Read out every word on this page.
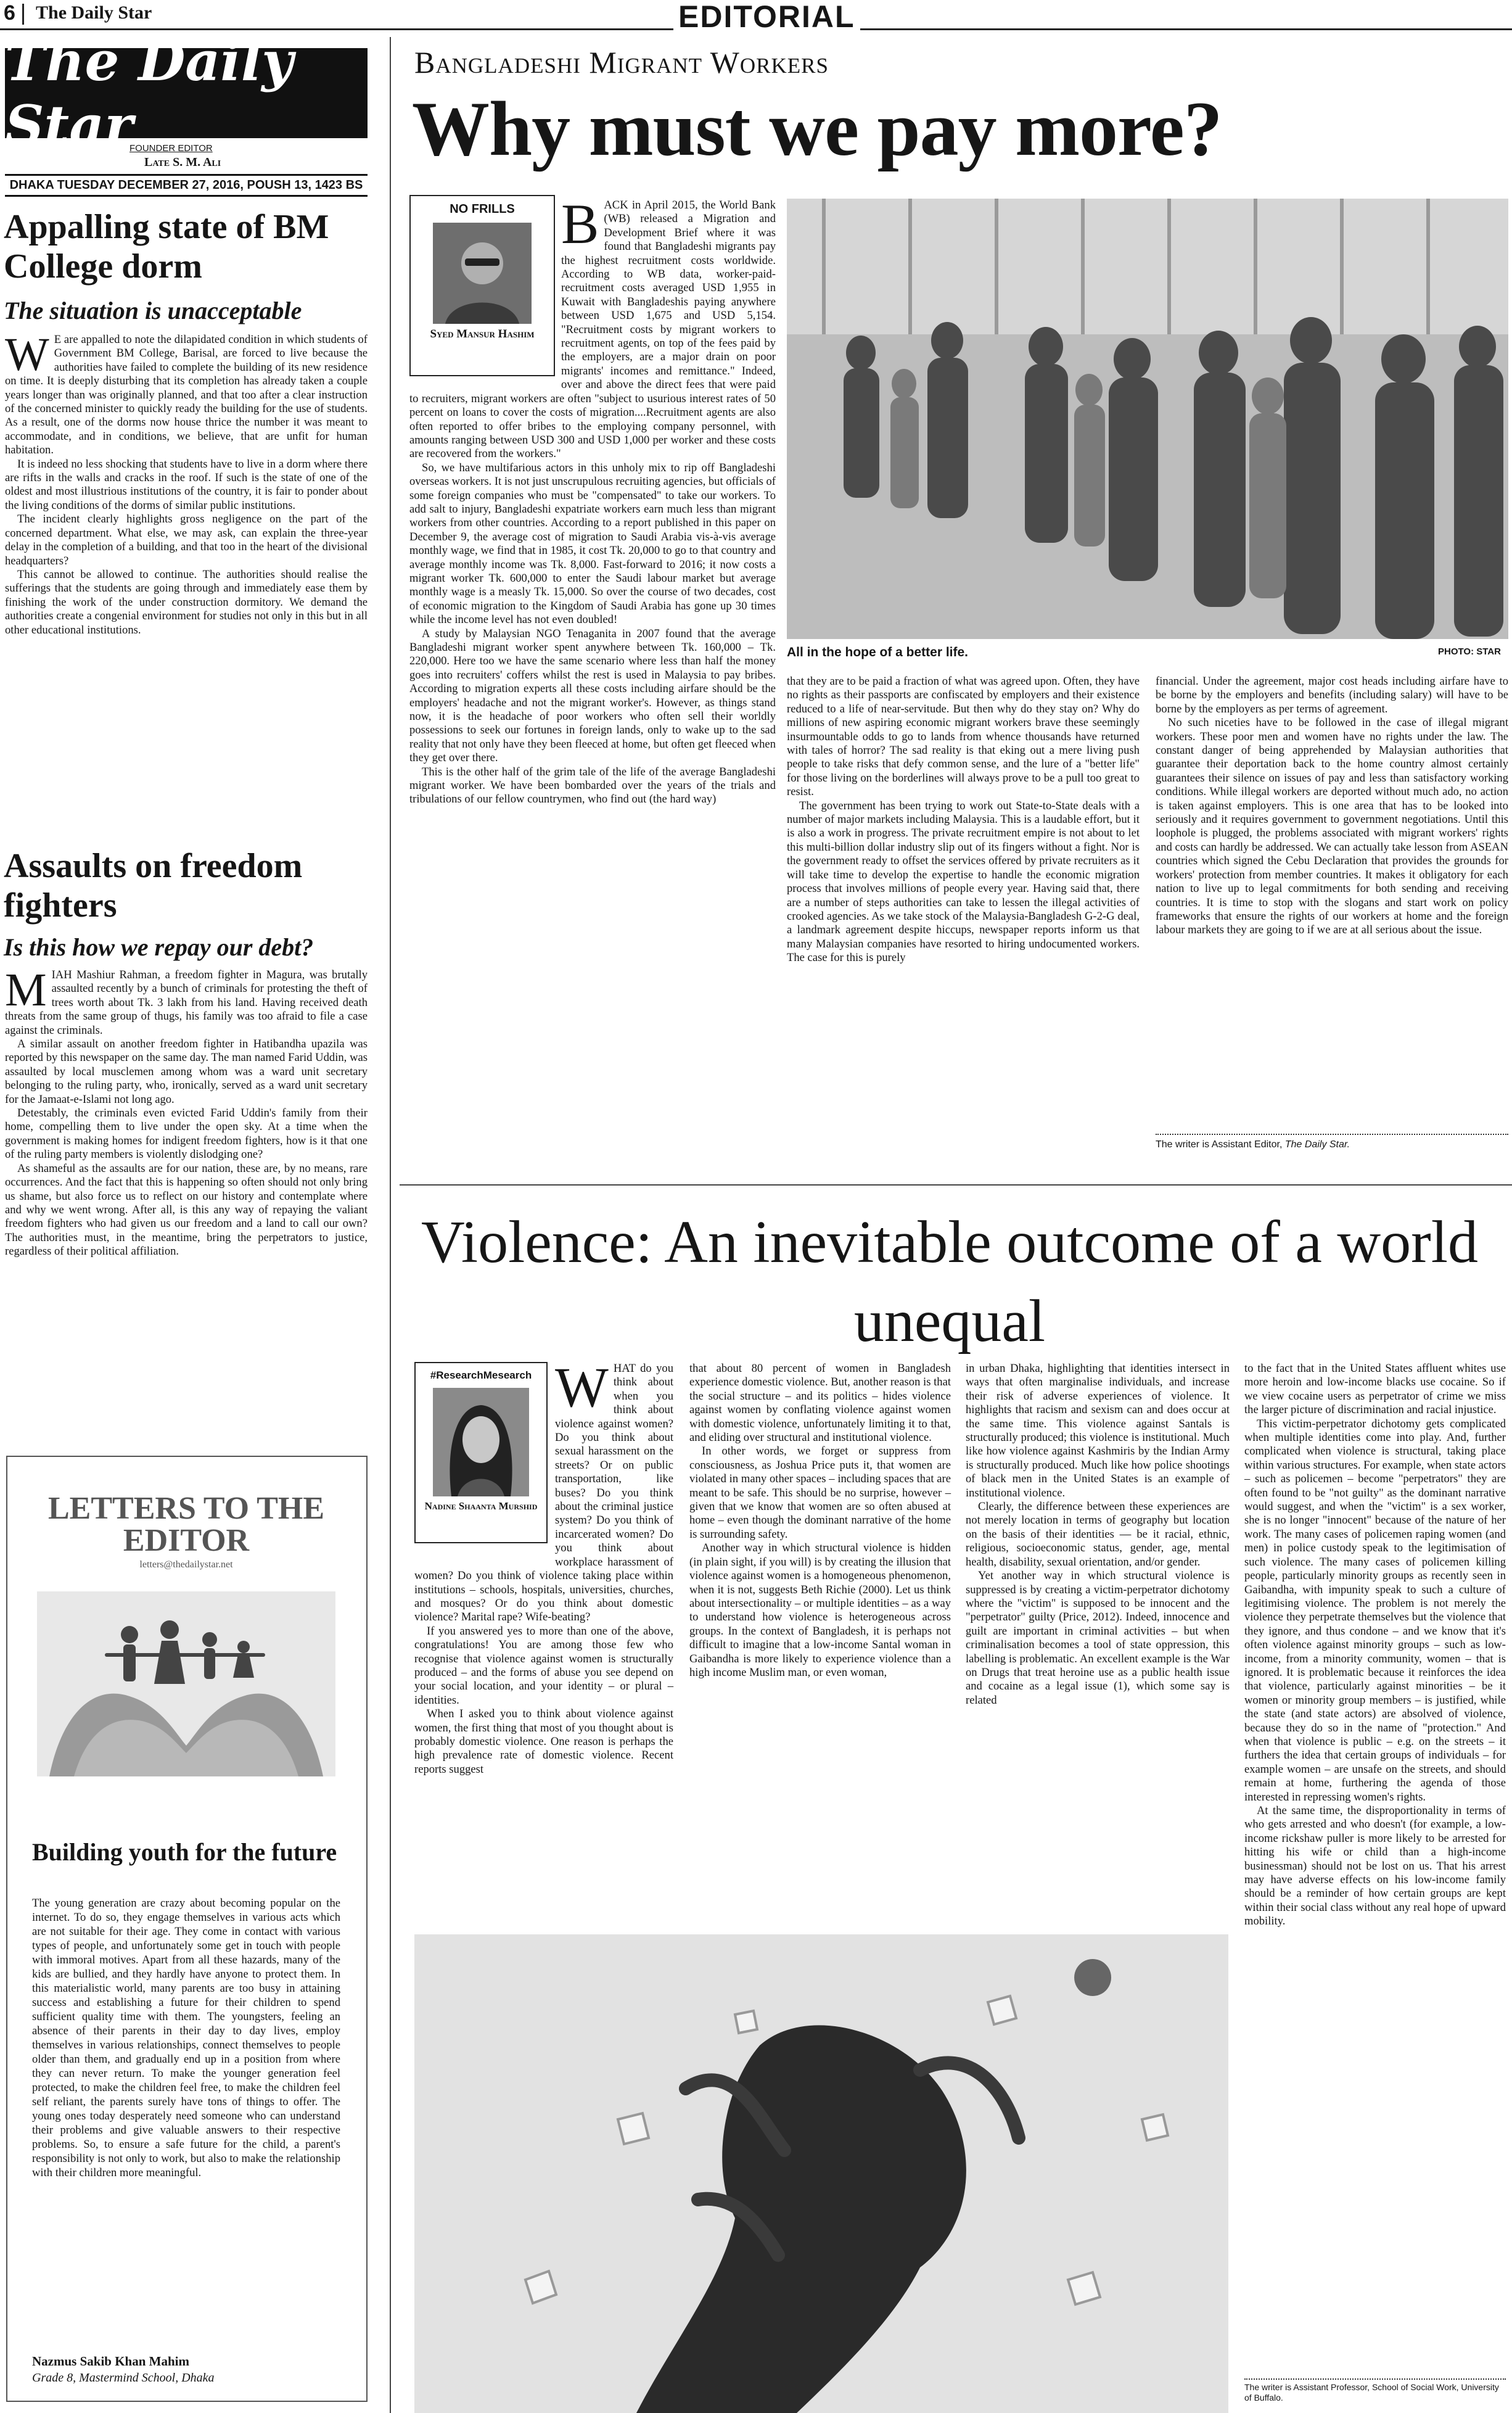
6 The Daily Star	EDITORIAL
The Daily Star
FOUNDER EDITOR
Late S. M. Ali
DHAKA TUESDAY DECEMBER 27, 2016, POUSH 13, 1423 BS
Appalling state of BM College dorm
The situation is unacceptable

W E are appalled to note the dilapidated condition in which students of Government BM College, Barisal, are forced to live because the authorities have failed to complete the building of its new residence on time. It is deeply disturbing that its completion has already taken a couple years longer than was originally planned, and that too after a clear instruction of the concerned minister to quickly ready the building for the use of students. As a result, one of the dorms now house thrice the number it was meant to accommodate, and in conditions, we believe, that are unfit for human habitation.

It is indeed no less shocking that students have to live in a dorm where there are rifts in the walls and cracks in the roof. If such is the state of one of the oldest and most illustrious institutions of the country, it is fair to ponder about the living conditions of the dorms of similar public institutions.

The incident clearly highlights gross negligence on the part of the concerned department. What else, we may ask, can explain the three-year delay in the completion of a building, and that too in the heart of the divisional headquarters?

This cannot be allowed to continue. The authorities should realise the sufferings that the students are going through and immediately ease them by finishing the work of the under construction dormitory. We demand the authorities create a congenial environment for studies not only in this but in all other educational institutions.

Assaults on freedom fighters
Is this how we repay our debt?

MIAH Mashiur Rahman, a freedom fighter in Magura, was brutally assaulted recently by a bunch of criminals for protesting the theft of trees worth about Tk. 3 lakh from his land. Having received death threats from the same group of thugs, his family was too afraid to file a case against the criminals.

A similar assault on another freedom fighter in Hatibandha upazila was reported by this newspaper on the same day. The man named Farid Uddin, was assaulted by local musclemen among whom was a ward unit secretary belonging to the ruling party, who, ironically, served as a ward unit secretary for the Jamaat-e-Islami not long ago.

Detestably, the criminals even evicted Farid Uddin's family from their home, compelling them to live under the open sky. At a time when the government is making homes for indigent freedom fighters, how is it that one of the ruling party members is violently dislodging one?

As shameful as the assaults are for our nation, these are, by no means, rare occurrences. And the fact that this is happening so often should not only bring us shame, but also force us to reflect on our history and contemplate where and why we went wrong. After all, is this any way of repaying the valiant freedom fighters who had given us our freedom and a land to call our own? The authorities must, in the meantime, bring the perpetrators to justice, regardless of their political affiliation.

LETTERS TO THE EDITOR
letters@thedailystar.net
Building youth for the future
The young generation are crazy about becoming popular on the internet. To do so, they engage themselves in various acts which are not suitable for their age. They come in contact with various types of people, and unfortunately some get in touch with people with immoral motives. Apart from all these hazards, many of the kids are bullied, and they hardly have anyone to protect them. In this materialistic world, many parents are too busy in attaining success and establishing a future for their children to spend sufficient quality time with them. The youngsters, feeling an absence of their parents in their day to day lives, employ themselves in various relationships, connect themselves to people older than them, and gradually end up in a position from where they can never return. To make the younger generation feel protected, to make the children feel free, to make the children feel self reliant, the parents surely have tons of things to offer. The young ones today desperately need someone who can understand their problems and give valuable answers to their respective problems. So, to ensure a safe future for the child, a parent's responsibility is not only to work, but also to make the relationship with their children more meaningful.
Nazmus Sakib Khan Mahim
Grade 8, Mastermind School, Dhaka
Bangladeshi Migrant Workers
Why must we pay more?
NO FRILLS
Syed Mansur Hashim

BACK in April 2015, the World Bank (WB) released a Migration and Development Brief where it was found that Bangladeshi migrants pay the highest recruitment costs worldwide. According to WB data, worker-paid-recruitment costs averaged USD 1,955 in Kuwait with Bangladeshis paying anywhere between USD 1,675 and USD 5,154. "Recruitment costs by migrant workers to recruitment agents, on top of the fees paid by the employers, are a major drain on poor migrants' incomes and remittance." Indeed, over and above the direct fees that were paid to recruiters, migrant workers are often "subject to usurious interest rates of 50 percent on loans to cover the costs of migration....Recruitment agents are also often reported to offer bribes to the employing company personnel, with amounts ranging between USD 300 and USD 1,000 per worker and these costs are recovered from the workers."

So, we have multifarious actors in this unholy mix to rip off Bangladeshi overseas workers. It is not just unscrupulous recruiting agencies, but officials of some foreign companies who must be "compensated" to take our workers. To add salt to injury, Bangladeshi expatriate workers earn much less than migrant workers from other countries. According to a report published in this paper on December 9, the average cost of migration to Saudi Arabia vis-à-vis average monthly wage, we find that in 1985, it cost Tk. 20,000 to go to that country and average monthly income was Tk. 8,000. Fast-forward to 2016; it now costs a migrant worker Tk. 600,000 to enter the Saudi labour market but average monthly wage is a measly Tk. 15,000. So over the course of two decades, cost of economic migration to the Kingdom of Saudi Arabia has gone up 30 times while the income level has not even doubled!

A study by Malaysian NGO Tenaganita in 2007 found that the average Bangladeshi migrant worker spent anywhere between Tk. 160,000 – Tk. 220,000. Here too we have the same scenario where less than half the money goes into recruiters' coffers whilst the rest is used in Malaysia to pay bribes. According to migration experts all these costs including airfare should be the employers' headache and not the migrant worker's. However, as things stand now, it is the headache of poor workers who often sell their worldly possessions to seek our fortunes in foreign lands, only to wake up to the sad reality that not only have they been fleeced at home, but often get fleeced when they get over there.

This is the other half of the grim tale of the life of the average Bangladeshi migrant worker. We have been bombarded over the years of the trials and tribulations of our fellow countrymen, who find out (the hard way)

All in the hope of a better life.	PHOTO: STAR

that they are to be paid a fraction of what was agreed upon. Often, they have no rights as their passports are confiscated by employers and their existence reduced to a life of near-servitude. But then why do they stay on? Why do millions of new aspiring economic migrant workers brave these seemingly insurmountable odds to go to lands from whence thousands have returned with tales of horror? The sad reality is that eking out a mere living push people to take risks that defy common sense, and the lure of a "better life" for those living on the borderlines will always prove to be a pull too great to resist.

The government has been trying to work out State-to-State deals with a number of major markets including Malaysia. This is a laudable effort, but it is also a work in progress. The private recruitment empire is not about to let this multi-billion dollar industry slip out of its fingers without a fight. Nor is the government ready to offset the services offered by private recruiters as it will take time to develop the expertise to handle the economic migration process that involves millions of people every year. Having said that, there are a number of steps authorities can take to lessen the illegal activities of crooked agencies. As we take stock of the Malaysia-Bangladesh G-2-G deal, a landmark agreement despite hiccups, newspaper reports inform us that many Malaysian companies have resorted to hiring undocumented workers. The case for this is purely

financial. Under the agreement, major cost heads including airfare have to be borne by the employers and benefits (including salary) will have to be borne by the employers as per terms of agreement.

No such niceties have to be followed in the case of illegal migrant workers. These poor men and women have no rights under the law. The constant danger of being apprehended by Malaysian authorities that guarantee their deportation back to the home country almost certainly guarantees their silence on issues of pay and less than satisfactory working conditions. While illegal workers are deported without much ado, no action is taken against employers. This is one area that has to be looked into seriously and it requires government to government negotiations. Until this loophole is plugged, the problems associated with migrant workers' rights and costs can hardly be addressed. We can actually take lesson from ASEAN countries which signed the Cebu Declaration that provides the grounds for workers' protection from member countries. It makes it obligatory for each nation to live up to legal commitments for both sending and receiving countries. It is time to stop with the slogans and start work on policy frameworks that ensure the rights of our workers at home and the foreign labour markets they are going to if we are at all serious about the issue.

The writer is Assistant Editor, The Daily Star.
Violence: An inevitable outcome of a world unequal
#ResearchMesearch
Nadine Shaanta Murshid

WHAT do you think about when you think about violence against women? Do you think about sexual harassment on the streets? Or on public transportation, like buses? Do you think about the criminal justice system? Do you think of incarcerated women? Do you think about workplace harassment of women? Do you think of violence taking place within institutions – schools, hospitals, universities, churches, and mosques? Or do you think about domestic violence? Marital rape? Wife-beating?

If you answered yes to more than one of the above, congratulations! You are among those few who recognise that violence against women is structurally produced – and the forms of abuse you see depend on your social location, and your identity – or plural – identities.

When I asked you to think about violence against women, the first thing that most of you thought about is probably domestic violence. One reason is perhaps the high prevalence rate of domestic violence. Recent reports suggest

that about 80 percent of women in Bangladesh experience domestic violence. But, another reason is that the social structure – and its politics – hides violence against women by conflating violence against women with domestic violence, unfortunately limiting it to that, and eliding over structural and institutional violence.

In other words, we forget or suppress from consciousness, as Joshua Price puts it, that women are violated in many other spaces – including spaces that are meant to be safe. This should be no surprise, however – given that we know that women are so often abused at home – even though the dominant narrative of the home is surrounding safety.

Another way in which structural violence is hidden (in plain sight, if you will) is by creating the illusion that violence against women is a homogeneous phenomenon, when it is not, suggests Beth Richie (2000). Let us think about intersectionality – or multiple identities – as a way to understand how violence is heterogeneous across groups. In the context of Bangladesh, it is perhaps not difficult to imagine that a low-income Santal woman in Gaibandha is more likely to experience violence than a high income Muslim man, or even woman,

in urban Dhaka, highlighting that identities intersect in ways that often marginalise individuals, and increase their risk of adverse experiences of violence. It highlights that racism and sexism can and does occur at the same time. This violence against Santals is structurally produced; this violence is institutional. Much like how violence against Kashmiris by the Indian Army is structurally produced. Much like how police shootings of black men in the United States is an example of institutional violence.

Clearly, the difference between these experiences are not merely location in terms of geography but location on the basis of their identities — be it racial, ethnic, religious, socioeconomic status, gender, age, mental health, disability, sexual orientation, and/or gender.

Yet another way in which structural violence is suppressed is by creating a victim-perpetrator dichotomy where the "victim" is supposed to be innocent and the "perpetrator" guilty (Price, 2012). Indeed, innocence and guilt are important in criminal activities – but when criminalisation becomes a tool of state oppression, this labelling is problematic. An excellent example is the War on Drugs that treat heroine use as a public health issue and cocaine as a legal issue (1), which some say is related

to the fact that in the United States affluent whites use more heroin and low-income blacks use cocaine. So if we view cocaine users as perpetrator of crime we miss the larger picture of discrimination and racial injustice.

This victim-perpetrator dichotomy gets complicated when multiple identities come into play. And, further complicated when violence is structural, taking place within various structures. For example, when state actors – such as policemen – become "perpetrators" they are often found to be "not guilty" as the dominant narrative would suggest, and when the "victim" is a sex worker, she is no longer "innocent" because of the nature of her work. The many cases of policemen raping women (and men) in police custody speak to the legitimisation of such violence. The many cases of policemen killing people, particularly minority groups as recently seen in Gaibandha, with impunity speak to such a culture of legitimising violence. The problem is not merely the violence they perpetrate themselves but the violence that they ignore, and thus condone – and we know that it's often violence against minority groups – such as low-income, from a minority community, women – that is ignored. It is problematic because it reinforces the idea that violence, particularly against minorities – be it women or minority group members – is justified, while the state (and state actors) are absolved of violence, because they do so in the name of "protection." And when that violence is public – e.g. on the streets – it furthers the idea that certain groups of individuals – for example women – are unsafe on the streets, and should remain at home, furthering the agenda of those interested in repressing women's rights.

At the same time, the disproportionality in terms of who gets arrested and who doesn't (for example, a low-income rickshaw puller is more likely to be arrested for hitting his wife or child than a high-income businessman) should not be lost on us. That his arrest may have adverse effects on his low-income family should be a reminder of how certain groups are kept within their social class without any real hope of upward mobility.

The writer is Assistant Professor, School of Social Work, University of Buffalo.
